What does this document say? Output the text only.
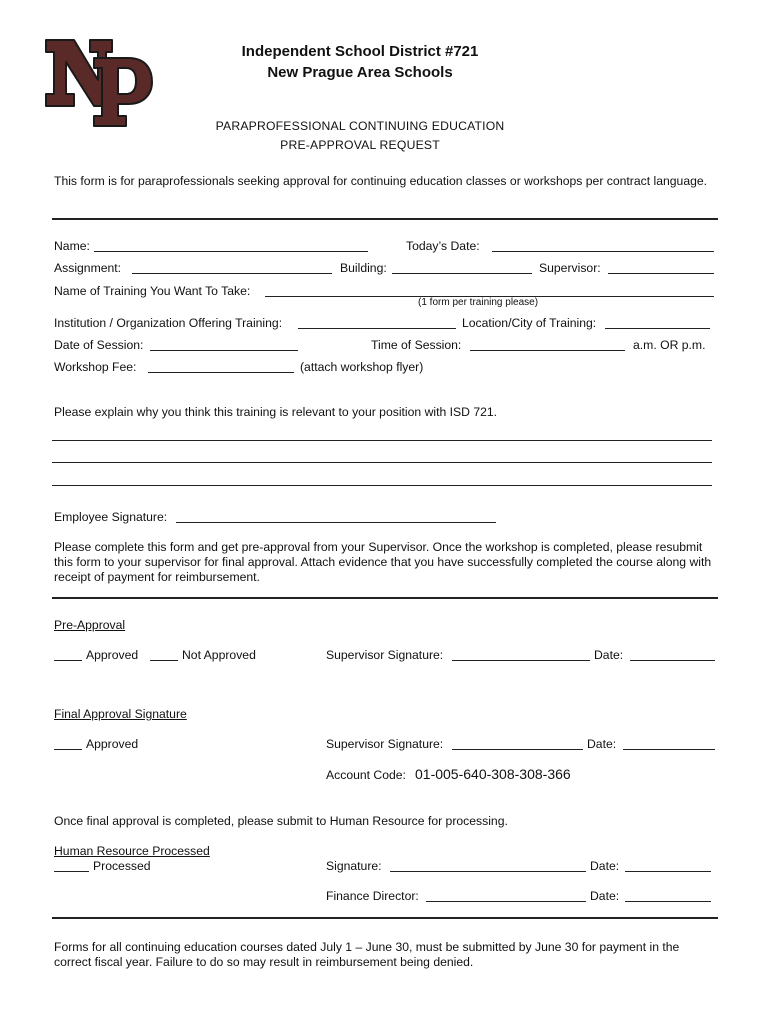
Independent School District #721
New Prague Area Schools
PARAPROFESSIONAL CONTINUING EDUCATION
PRE-APPROVAL REQUEST
This form is for paraprofessionals seeking approval for continuing education classes or workshops per contract language.
Name:	Today’s Date:
Assignment:	Building:	Supervisor:
Name of Training You Want To Take:
(1 form per training please)
Institution / Organization Offering Training:	Location/City of Training:
Date of Session:	Time of Session:	a.m. OR p.m.
Workshop Fee:	(attach workshop flyer)
Please explain why you think this training is relevant to your position with ISD 721.
Employee Signature:
Please complete this form and get pre-approval from your Supervisor. Once the workshop is completed, please resubmit this form to your supervisor for final approval. Attach evidence that you have successfully completed the course along with receipt of payment for reimbursement.
Pre-Approval
Approved	Not Approved	Supervisor Signature:	Date:
Final Approval Signature
Approved	Supervisor Signature:	Date:
Account Code: 01-005-640-308-308-366
Once final approval is completed, please submit to Human Resource for processing.
Human Resource Processed
Processed	Signature:	Date:
Finance Director:	Date:
Forms for all continuing education courses dated July 1 – June 30, must be submitted by June 30 for payment in the correct fiscal year. Failure to do so may result in reimbursement being denied.
